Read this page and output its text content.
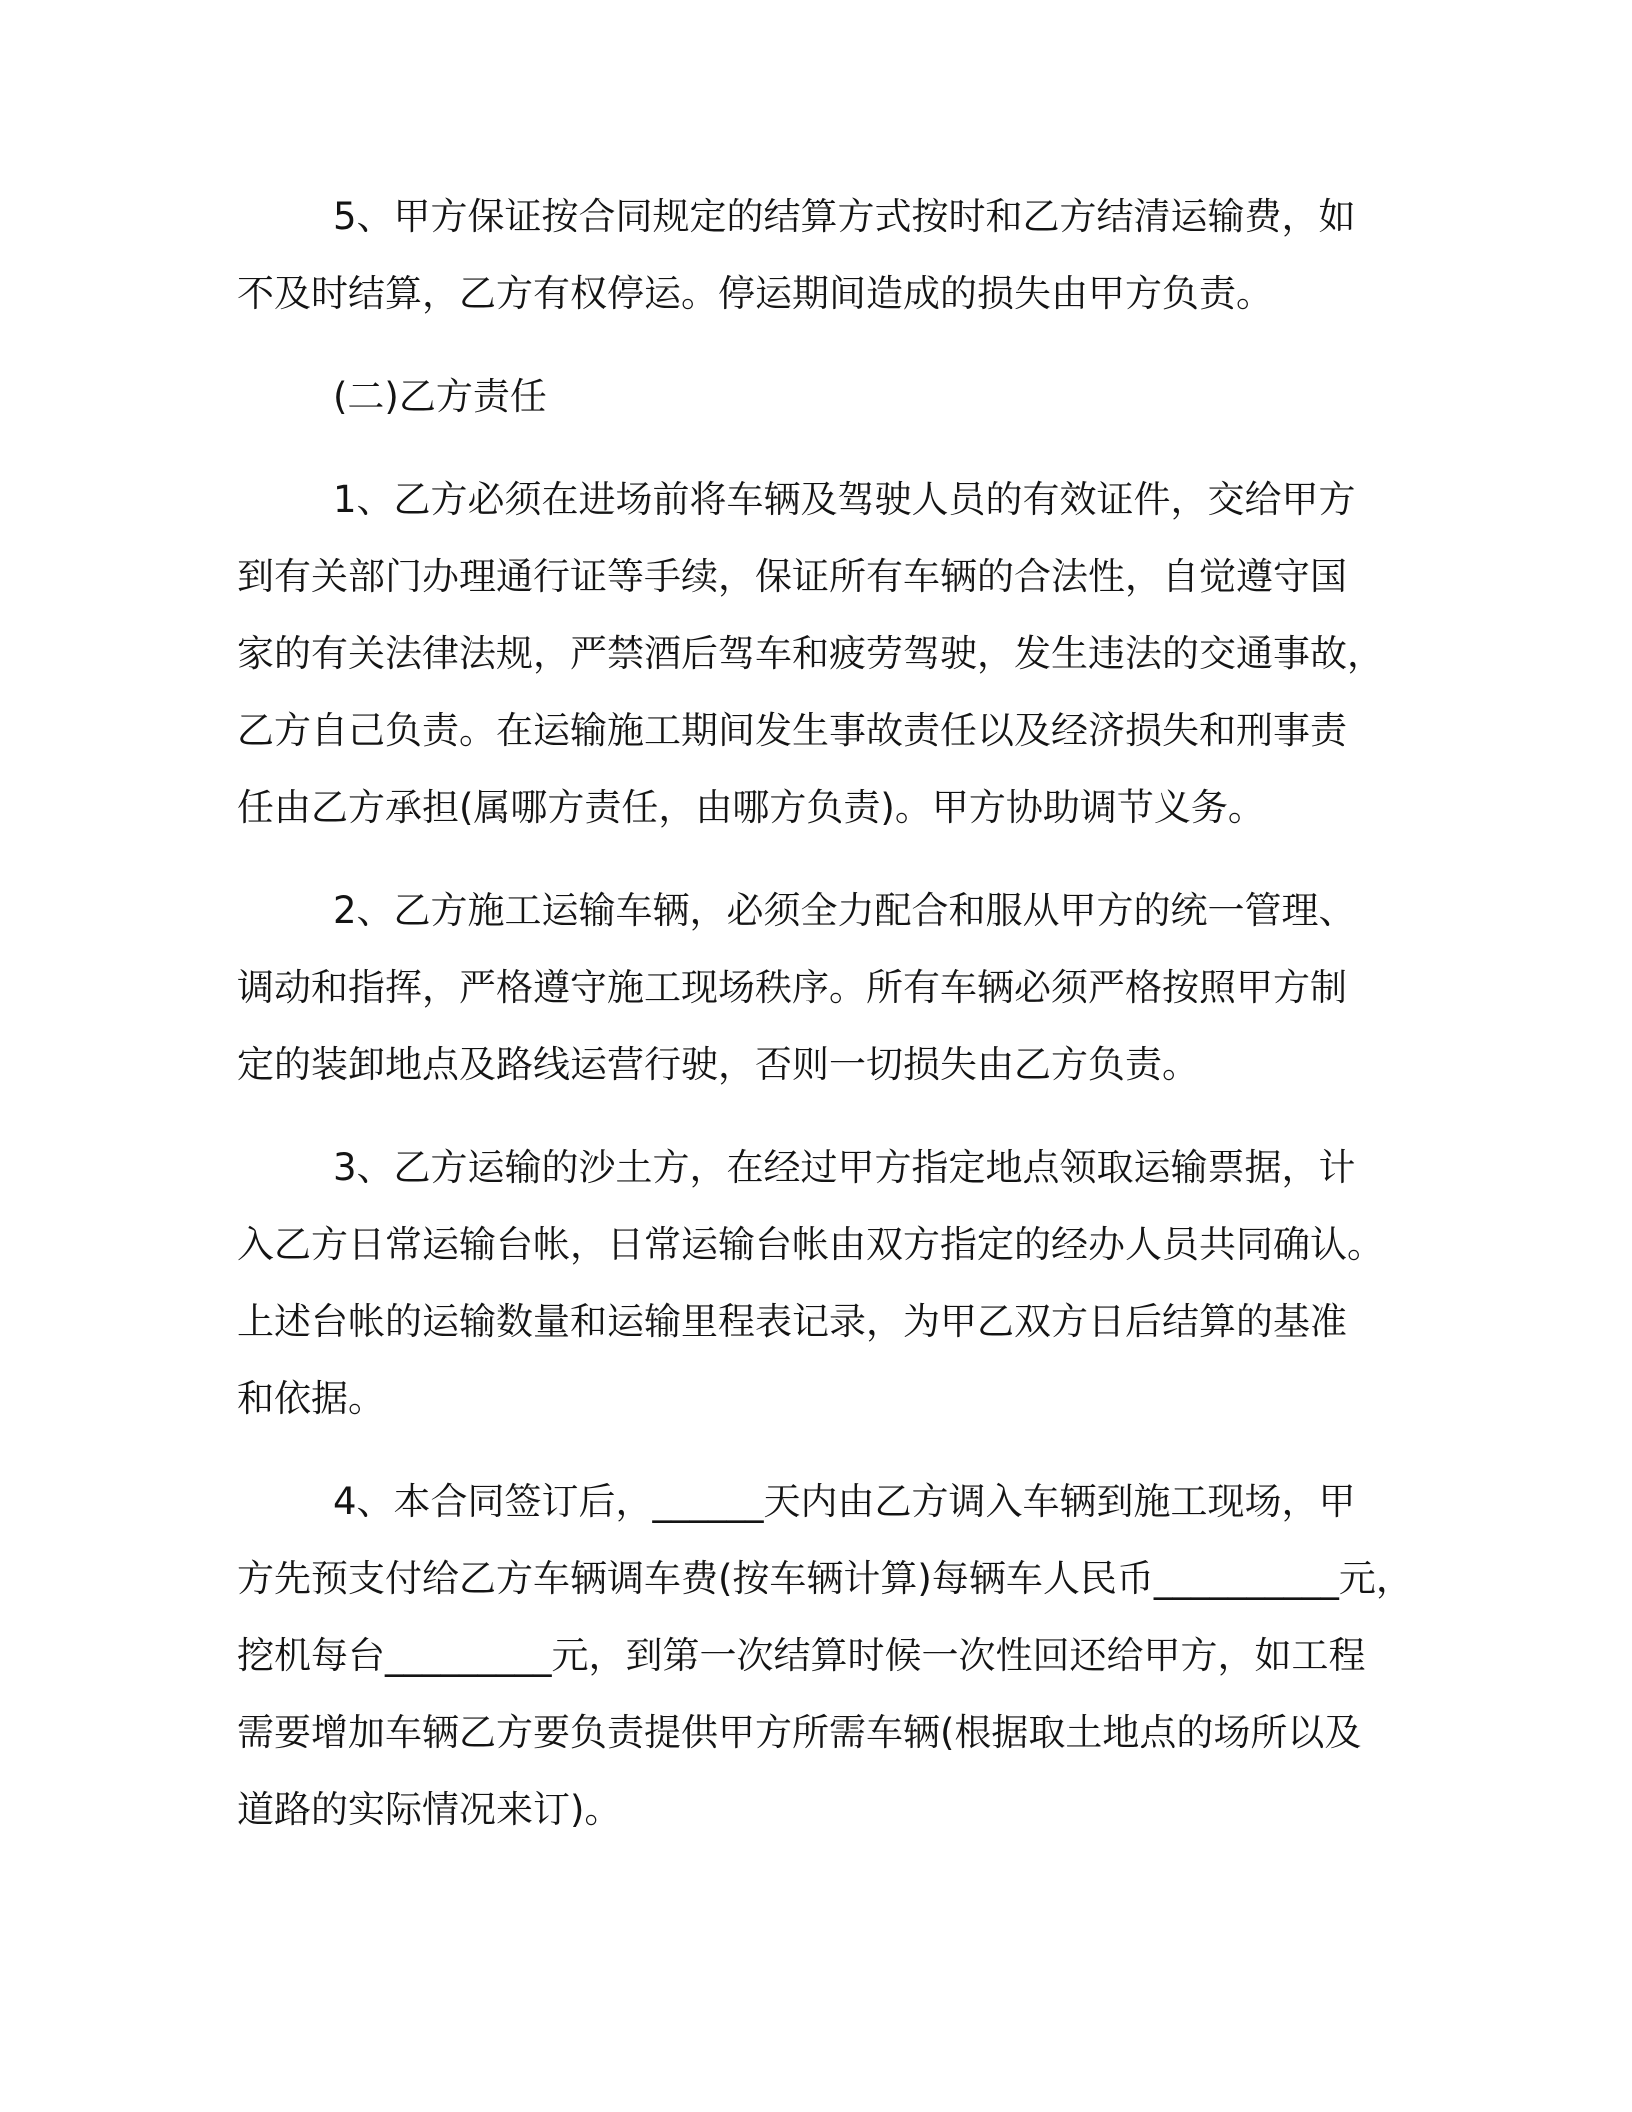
5、甲方保证按合同规定的结算方式按时和乙方结清运输费，如
不及时结算，乙方有权停运。停运期间造成的损失由甲方负责。
(二)乙方责任
1、乙方必须在进场前将车辆及驾驶人员的有效证件，交给甲方
到有关部门办理通行证等手续，保证所有车辆的合法性，自觉遵守国
家的有关法律法规，严禁酒后驾车和疲劳驾驶，发生违法的交通事故，
乙方自己负责。在运输施工期间发生事故责任以及经济损失和刑事责
任由乙方承担(属哪方责任，由哪方负责)。甲方协助调节义务。
2、乙方施工运输车辆，必须全力配合和服从甲方的统一管理、
调动和指挥，严格遵守施工现场秩序。所有车辆必须严格按照甲方制
定的装卸地点及路线运营行驶，否则一切损失由乙方负责。
3、乙方运输的沙土方，在经过甲方指定地点领取运输票据，计
入乙方日常运输台帐，日常运输台帐由双方指定的经办人员共同确认。
上述台帐的运输数量和运输里程表记录，为甲乙双方日后结算的基准
和依据。
4、本合同签订后，______天内由乙方调入车辆到施工现场，甲
方先预支付给乙方车辆调车费(按车辆计算)每辆车人民币__________元，
挖机每台_________元，到第一次结算时候一次性回还给甲方，如工程
需要增加车辆乙方要负责提供甲方所需车辆(根据取土地点的场所以及
道路的实际情况来订)。
